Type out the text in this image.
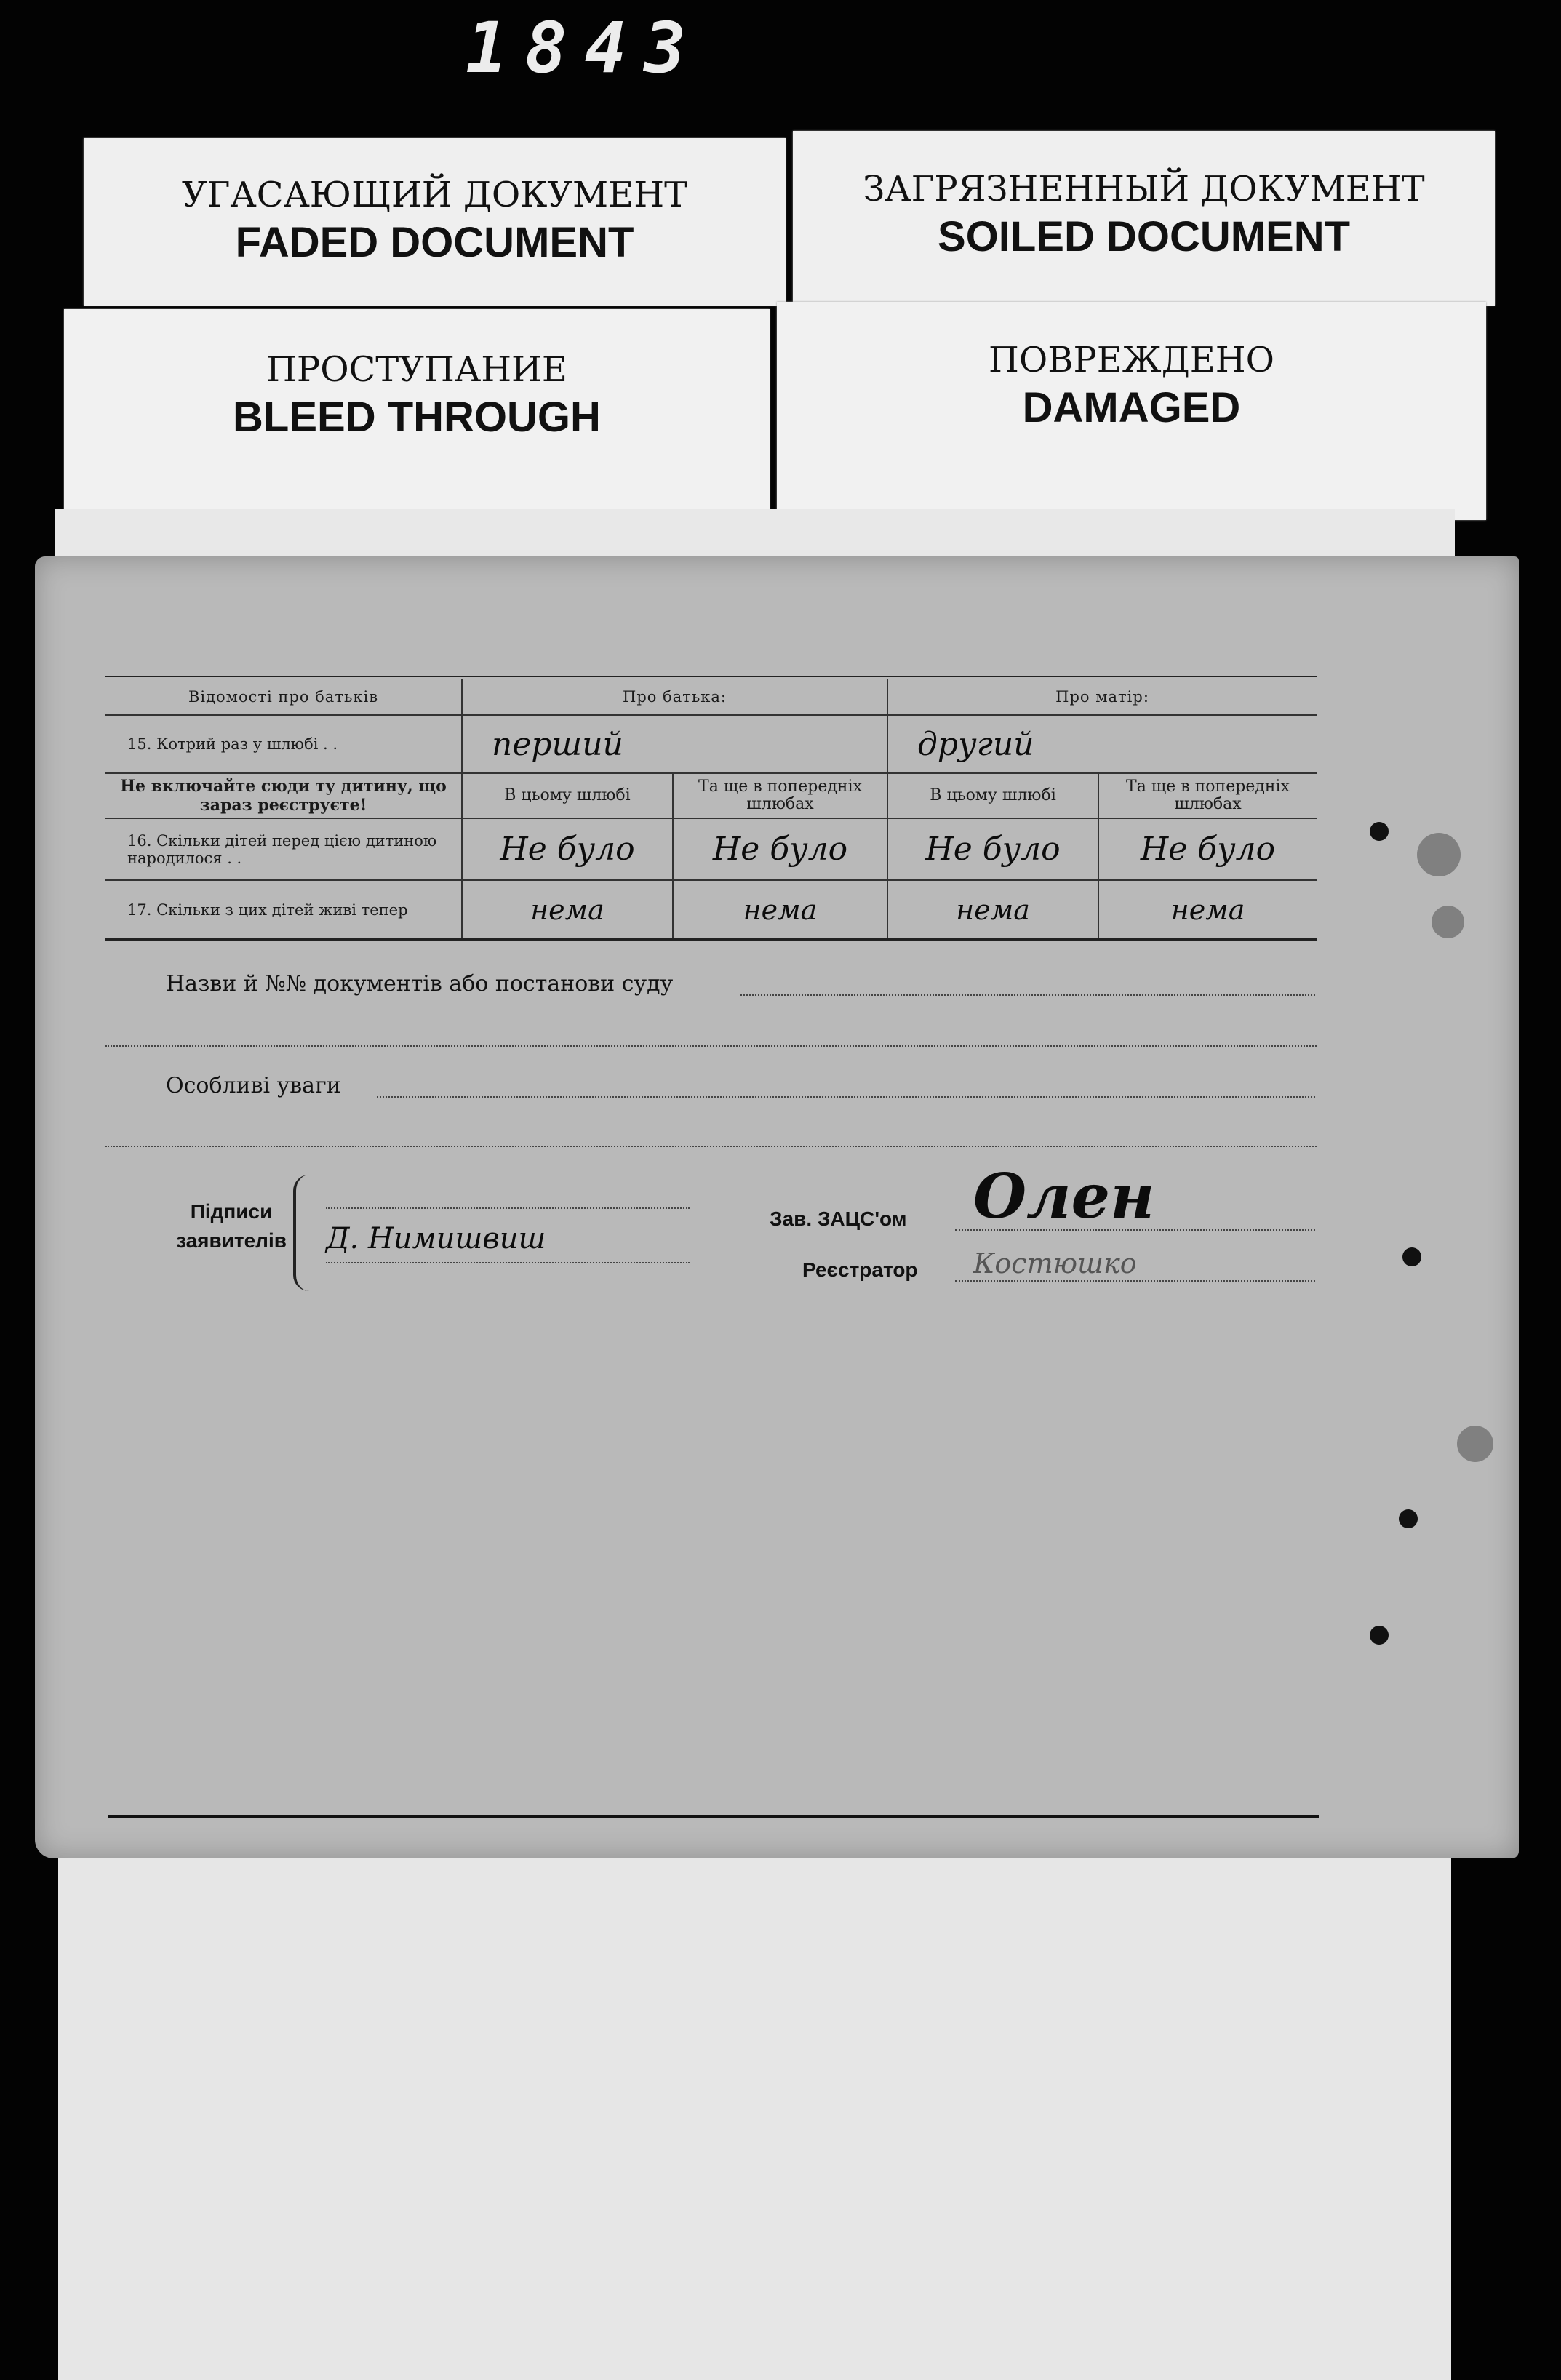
1843
УГАСАЮЩИЙ ДОКУМЕНТ
FADED DOCUMENT
ЗАГРЯЗНЕННЫЙ ДОКУМЕНТ
SOILED DOCUMENT
ПРОСТУПАНИЕ
BLEED THROUGH
ПОВРЕЖДЕНО
DAMAGED
Відомості про батьків	Про батька:		Про матір:	
15. Котрий раз у шлюбі . .	перший		другий	
Не включайте сюди ту дитину, що зараз реєструєте!	В цьому шлюбі	Та ще в попередніх шлюбах	В цьому шлюбі	Та ще в попередніх шлюбах
16. Скільки дітей перед цією дитиною народилося . .	Не було	Не було	Не було	Не було
17. Скільки з цих дітей живі тепер	нема	нема	нема	нема
Назви й №№ документів або постанови суду
Особливі уваги
Підписи
заявителів Д. Нимишвиш
Зав. ЗАЦС'ом Олен
Реєстратор Костюшко
